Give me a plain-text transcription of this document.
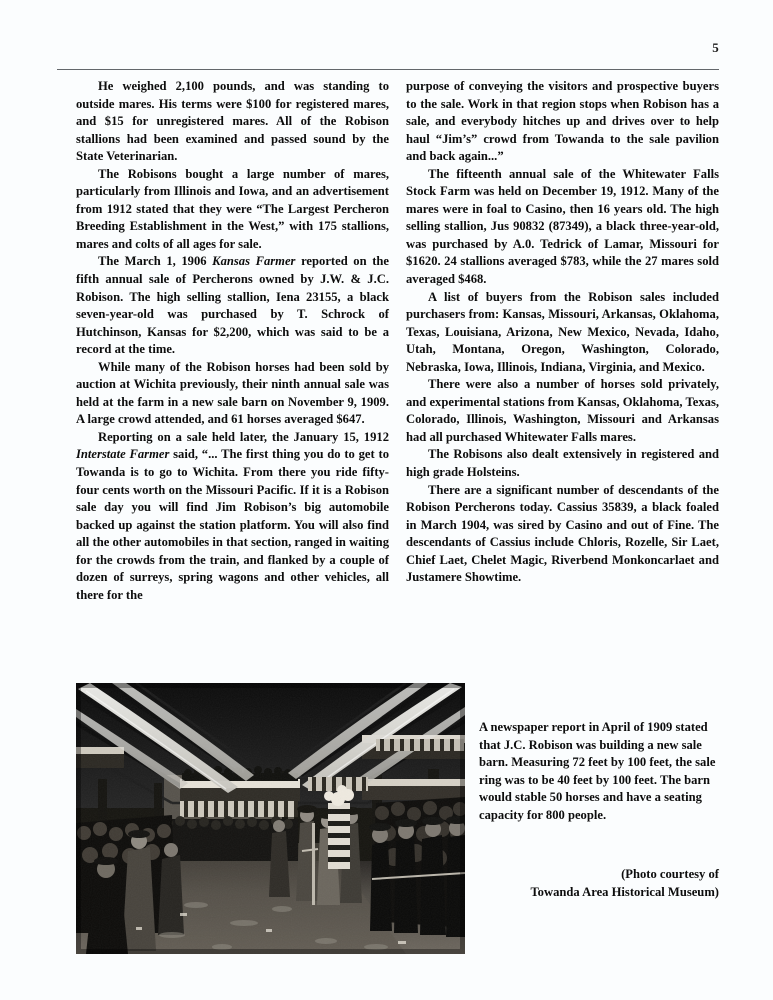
5

He weighed 2,100 pounds, and was standing to outside mares. His terms were $100 for registered mares, and $15 for unregistered mares. All of the Robison stallions had been examined and passed sound by the State Veterinarian.

The Robisons bought a large number of mares, particularly from Illinois and Iowa, and an advertisement from 1912 stated that they were “The Largest Percheron Breeding Establishment in the West,” with 175 stallions, mares and colts of all ages for sale.

The March 1, 1906 Kansas Farmer reported on the fifth annual sale of Percherons owned by J.W. & J.C. Robison. The high selling stallion, Iena 23155, a black seven-year-old was purchased by T. Schrock of Hutchinson, Kansas for $2,200, which was said to be a record at the time.

While many of the Robison horses had been sold by auction at Wichita previously, their ninth annual sale was held at the farm in a new sale barn on November 9, 1909. A large crowd attended, and 61 horses averaged $647.

Reporting on a sale held later, the January 15, 1912 Interstate Farmer said, “... The first thing you do to get to Towanda is to go to Wichita. From there you ride fifty-four cents worth on the Missouri Pacific. If it is a Robison sale day you will find Jim Robison’s big automobile backed up against the station platform. You will also find all the other automobiles in that section, ranged in waiting for the crowds from the train, and flanked by a couple of dozen of surreys, spring wagons and other vehicles, all there for the

purpose of conveying the visitors and prospective buyers to the sale. Work in that region stops when Robison has a sale, and everybody hitches up and drives over to help haul “Jim’s” crowd from Towanda to the sale pavilion and back again...”

The fifteenth annual sale of the Whitewater Falls Stock Farm was held on December 19, 1912. Many of the mares were in foal to Casino, then 16 years old. The high selling stallion, Jus 90832 (87349), a black three-year-old, was purchased by A.0. Tedrick of Lamar, Missouri for $1620. 24 stallions averaged $783, while the 27 mares sold averaged $468.

A list of buyers from the Robison sales included purchasers from: Kansas, Missouri, Arkansas, Oklahoma, Texas, Louisiana, Arizona, New Mexico, Nevada, Idaho, Utah, Montana, Oregon, Washington, Colorado, Nebraska, Iowa, Illinois, Indiana, Virginia, and Mexico.

There were also a number of horses sold privately, and experimental stations from Kansas, Oklahoma, Texas, Colorado, Illinois, Washington, Missouri and Arkansas had all purchased Whitewater Falls mares.

The Robisons also dealt extensively in registered and high grade Holsteins.

There are a significant number of descendants of the Robison Percherons today. Cassius 35839, a black foaled in March 1904, was sired by Casino and out of Fine. The descendants of Cassius include Chloris, Rozelle, Sir Laet, Chief Laet, Chelet Magic, Riverbend Monkoncarlaet and Justamere Showtime.

A newspaper report in April of 1909 stated that J.C. Robison was building a new sale barn. Measuring 72 feet by 100 feet, the sale ring was to be 40 feet by 100 feet. The barn would stable 50 horses and have a seating capacity for 800 people.

(Photo courtesy of

Towanda Area Historical Museum)
